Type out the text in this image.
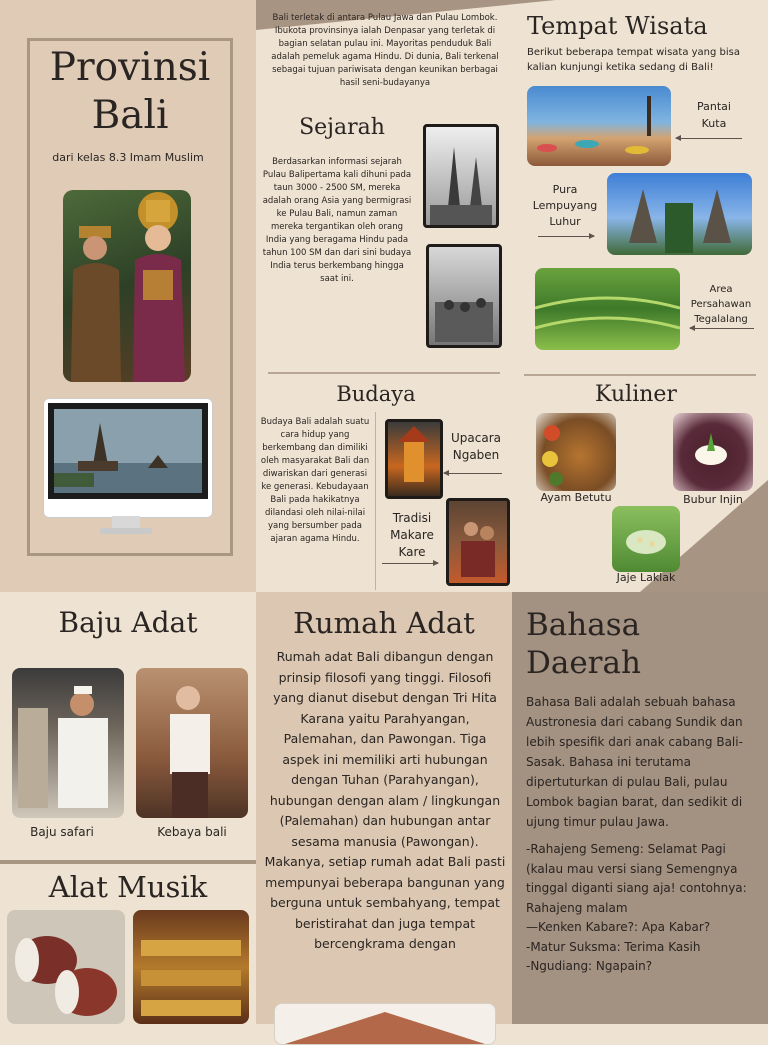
Provinsi
Bali
dari kelas 8.3 Imam Muslim
Bali terletak di antara Pulau Jawa dan Pulau Lombok. Ibukota provinsinya ialah Denpasar yang terletak di bagian selatan pulau ini. Mayoritas penduduk Bali adalah pemeluk agama Hindu. Di dunia, Bali terkenal sebagai tujuan pariwisata dengan keunikan berbagai hasil seni-budayanya
Sejarah
Berdasarkan informasi sejarah Pulau Balipertama kali dihuni pada taun 3000 - 2500 SM, mereka adalah orang Asia yang bermigrasi ke Pulau Bali, namun zaman mereka tergantikan oleh orang India yang beragama Hindu pada tahun 100 SM dan dari sini budaya India terus berkembang hingga saat ini.
Tempat Wisata
Berikut beberapa tempat wisata yang bisa kalian kunjungi ketika sedang di Bali!
Pantai Kuta
Pura Lempuyang Luhur
Area Persahawan Tegalalang
Budaya
Budaya Bali adalah suatu cara hidup yang berkembang dan dimiliki oleh masyarakat Bali dan diwariskan dari generasi ke generasi. Kebudayaan Bali pada hakikatnya dilandasi oleh nilai-nilai yang bersumber pada ajaran agama Hindu.
Upacara Ngaben
Tradisi Makare Kare
Kuliner
Ayam Betutu	Bubur Injin
Jaje Laklak
Baju Adat
Baju safari	Kebaya bali
Alat Musik
Rumah Adat
Rumah adat Bali dibangun dengan prinsip filosofi yang tinggi. Filosofi yang dianut disebut dengan Tri Hita Karana yaitu Parahyangan, Palemahan, dan Pawongan. Tiga aspek ini memiliki arti hubungan dengan Tuhan (Parahyangan), hubungan dengan alam / lingkungan (Palemahan) dan hubungan antar sesama manusia (Pawongan). Makanya, setiap rumah adat Bali pasti mempunyai beberapa bangunan yang berguna untuk sembahyang, tempat beristirahat dan juga tempat bercengkrama dengan
Bahasa
Daerah
Bahasa Bali adalah sebuah bahasa Austronesia dari cabang Sundik dan lebih spesifik dari anak cabang Bali-Sasak. Bahasa ini terutama dipertuturkan di pulau Bali, pulau Lombok bagian barat, dan sedikit di ujung timur pulau Jawa.
-Rahajeng Semeng: Selamat Pagi (kalau mau versi siang Semengnya tinggal diganti siang aja! contohnya: Rahajeng malam
—Kenken Kabare?: Apa Kabar?
-Matur Suksma: Terima Kasih
-Ngudiang: Ngapain?
